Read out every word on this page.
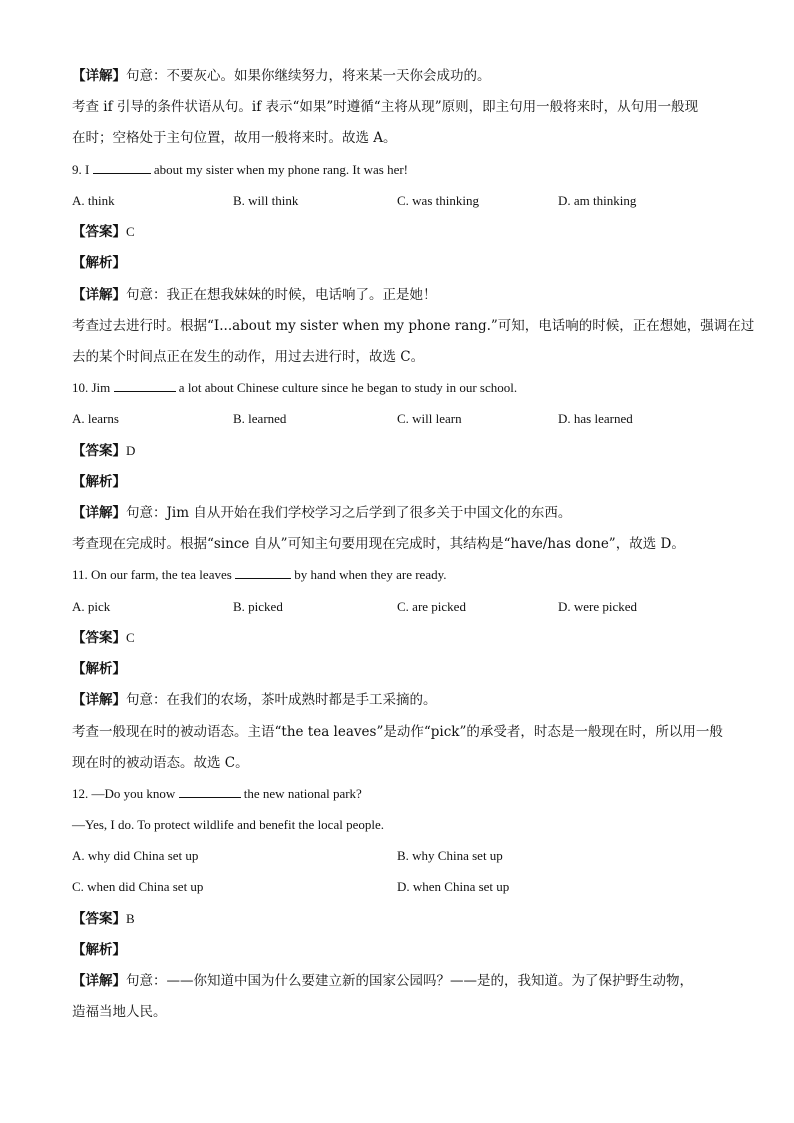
【详解】句意：不要灰心。如果你继续努力，将来某一天你会成功的。
考查 if 引导的条件状语从句。if 表示“如果”时遵循“主将从现”原则，即主句用一般将来时，从句用一般现
在时；空格处于主句位置，故用一般将来时。故选 A。
9. I	about my sister when my phone rang. It was her!
A. think	B. will think	C. was thinking	D. am thinking
【答案】C
【解析】
【详解】句意：我正在想我妹妹的时候，电话响了。正是她！
考查过去进行时。根据“I...about my sister when my phone rang.”可知，电话响的时候，正在想她，强调在过
去的某个时间点正在发生的动作，用过去进行时，故选 C。
10. Jim	a lot about Chinese culture since he began to study in our school.
A. learns	B. learned	C. will learn	D. has learned
【答案】D
【解析】
【详解】句意：Jim 自从开始在我们学校学习之后学到了很多关于中国文化的东西。
考查现在完成时。根据“since 自从”可知主句要用现在完成时，其结构是“have/has done”，故选 D。
11. On our farm, the tea leaves	by hand when they are ready.
A. pick	B. picked	C. are picked	D. were picked
【答案】C
【解析】
【详解】句意：在我们的农场，茶叶成熟时都是手工采摘的。
考查一般现在时的被动语态。主语“the tea leaves”是动作“pick”的承受者，时态是一般现在时，所以用一般
现在时的被动语态。故选 C。
12. —Do you know	the new national park?
—Yes, I do. To protect wildlife and benefit the local people.
A. why did China set up	B. why China set up
C. when did China set up	D. when China set up
【答案】B
【解析】
【详解】句意：——你知道中国为什么要建立新的国家公园吗？——是的，我知道。为了保护野生动物，
造福当地人民。
